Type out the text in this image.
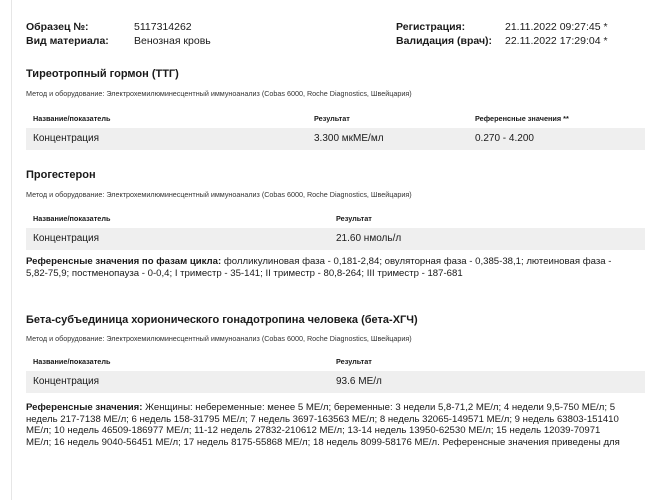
Образец №:	5117314262	Регистрация:	21.11.2022 09:27:45 *
Вид материала: Венозная кровь	Валидация (врач): 22.11.2022 17:29:04 *
Тиреотропный гормон (ТТГ)
Метод и оборудование: Электрохемилюминесцентный иммуноанализ (Cobas 6000, Roche Diagnostics, Швейцария)
Название/показатель	Результат	Референсные значения **
Концентрация	3.300 мкМЕ/мл	0.270 - 4.200
Прогестерон
Метод и оборудование: Электрохемилюминесцентный иммуноанализ (Cobas 6000, Roche Diagnostics, Швейцария)
Название/показатель	Результат
Концентрация	21.60 нмоль/л
Референсные значения по фазам цикла: фолликулиновая фаза - 0,181-2,84; овуляторная фаза - 0,385-38,1; лютеиновая фаза -
5,82-75,9; постменопауза - 0-0,4; I триместр - 35-141; II триместр - 80,8-264; III триместр - 187-681
Бета-субъединица хорионического гонадотропина человека (бета-ХГЧ)
Метод и оборудование: Электрохемилюминесцентный иммуноанализ (Cobas 6000, Roche Diagnostics, Швейцария)
Название/показатель	Результат
Концентрация	93.6 МЕ/л
Референсные значения: Женщины: небеременные: менее 5 МЕ/л; беременные: 3 недели 5,8-71,2 МЕ/л; 4 недели 9,5-750 МЕ/л; 5
недель 217-7138 МЕ/л; 6 недель 158-31795 МЕ/л; 7 недель 3697-163563 МЕ/л; 8 недель 32065-149571 МЕ/л; 9 недель 63803-151410
МЕ/л; 10 недель 46509-186977 МЕ/л; 11-12 недель 27832-210612 МЕ/л; 13-14 недель 13950-62530 МЕ/л; 15 недель 12039-70971
МЕ/л; 16 недель 9040-56451 МЕ/л; 17 недель 8175-55868 МЕ/л; 18 недель 8099-58176 МЕ/л. Референсные значения приведены для
